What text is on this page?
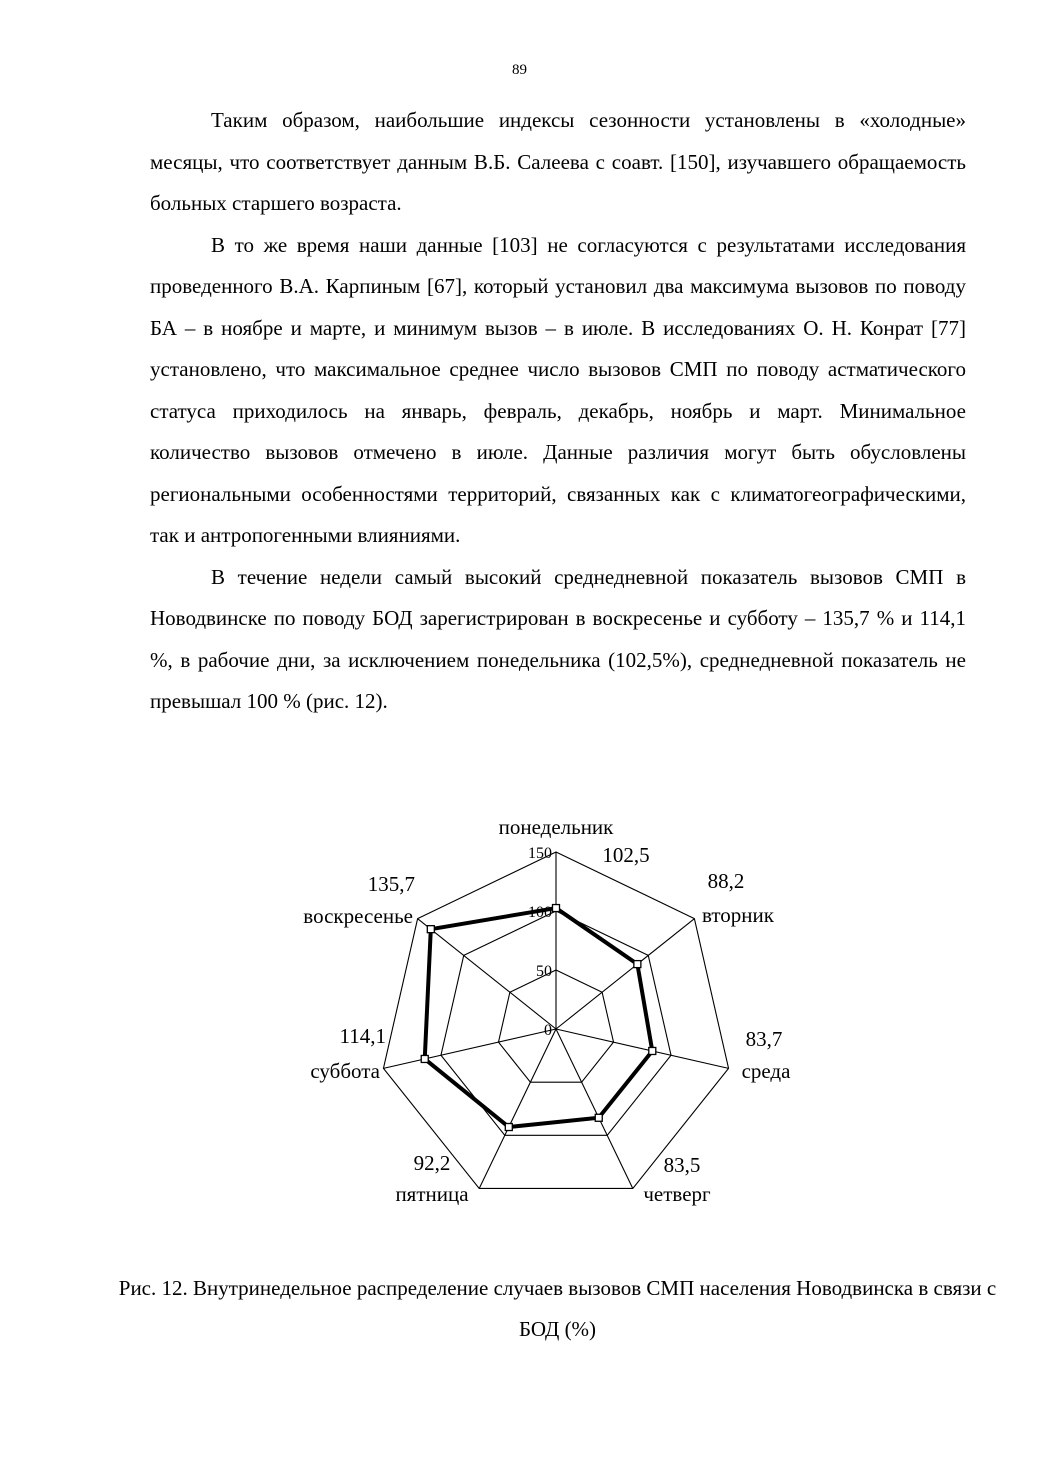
89

Таким образом, наибольшие индексы сезонности установлены в «холодные» месяцы, что соответствует данным В.Б. Салеева с соавт. [150], изучавшего обращаемость больных старшего возраста.

В то же время наши данные [103] не согласуются с результатами исследования проведенного В.А. Карпиным [67], который установил два максимума вызовов по поводу БА – в ноябре и марте, и минимум вызов – в июле. В исследованиях О. Н. Конрат [77] установлено, что максимальное среднее число вызовов СМП по поводу астматического статуса приходилось на январь, февраль, декабрь, ноябрь и март. Минимальное количество вызовов отмечено в июле. Данные различия могут быть обусловлены региональными особенностями территорий, связанных как с климатогеографическими, так и антропогенными влияниями.

В течение недели самый высокий среднедневной показатель вызовов СМП в Новодвинске по поводу БОД зарегистрирован в воскресенье и субботу – 135,7 % и 114,1 %, в рабочие дни, за исключением понедельника (102,5%), среднедневной показатель не превышал 100 % (рис. 12).

0
50
100
150
понедельник
102,5
вторник
88,2
среда
83,7
четверг
83,5
пятница
92,2
суббота
114,1
воскресенье
135,7
Рис. 12. Внутринедельное распределение случаев вызовов СМП населения Новодвинска в связи с БОД (%)
